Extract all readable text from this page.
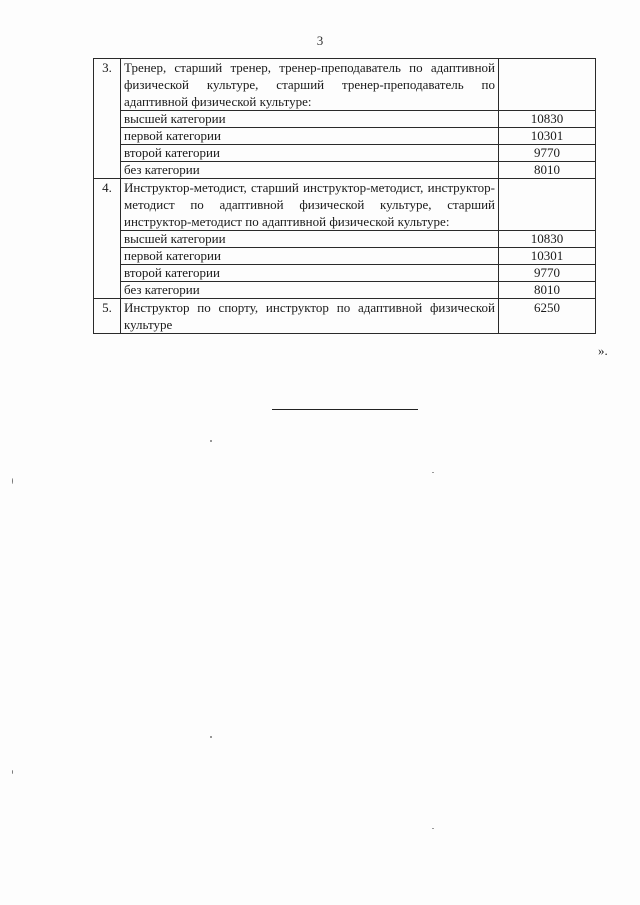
3
3.	Тренер, старший тренер, тренер-преподаватель по адаптивной физической культуре, старший тренер-преподаватель по адаптивной физической культуре:	
	высшей категории	10830
	первой категории	10301
	второй категории	9770
	без категории	8010
4.	Инструктор-методист, старший инструктор-методист, инструктор-методист по адаптивной физической культуре, старший инструктор-методист по адаптивной физической культуре:	
	высшей категории	10830
	первой категории	10301
	второй категории	9770
	без категории	8010
5.	Инструктор по спорту, инструктор по адаптивной физической культуре	6250
».
